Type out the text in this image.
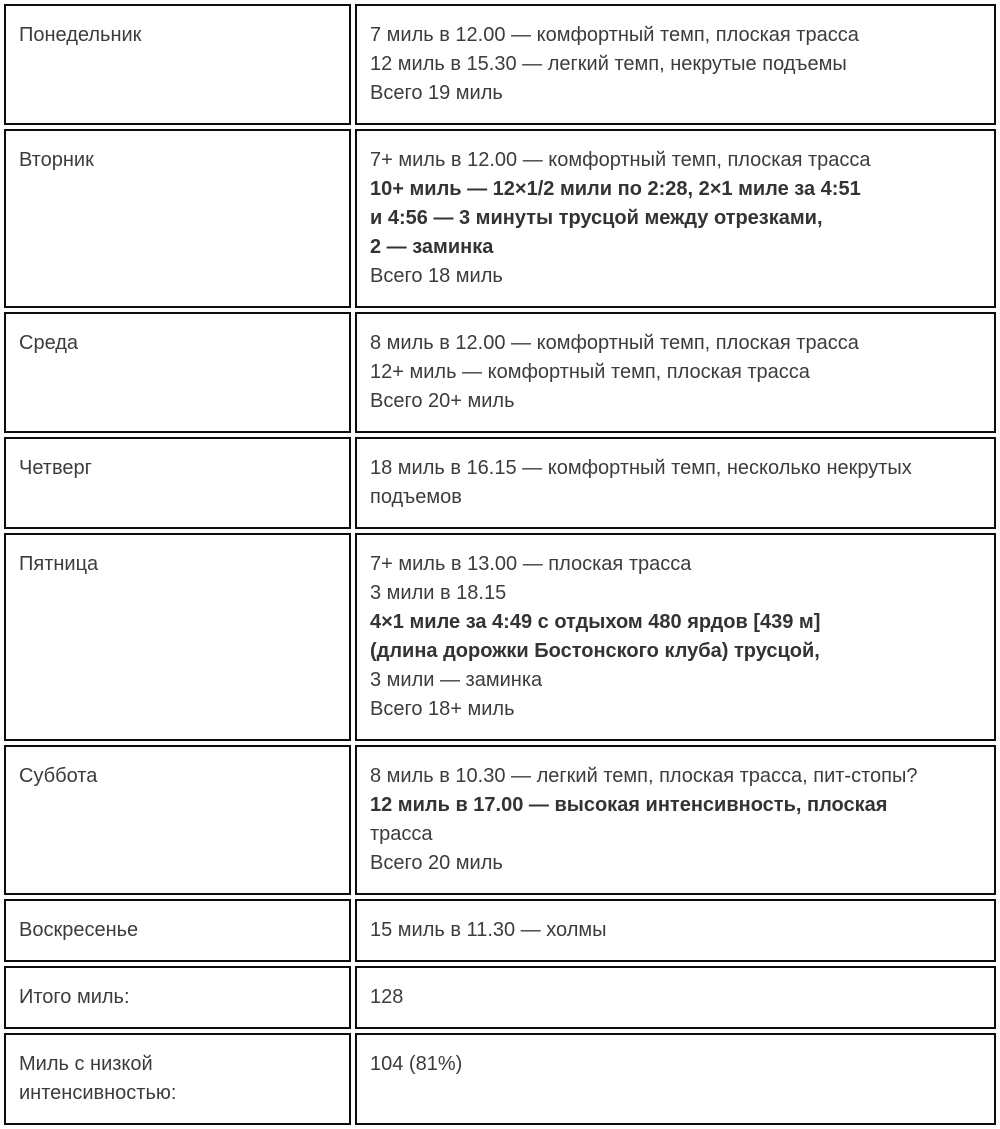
Понедельник	7 миль в 12.00 — комфортный темп, плоская трасса
12 миль в 15.30 — легкий темп, некрутые подъемы
Всего 19 миль

Вторник	7+ миль в 12.00 — комфортный темп, плоская трасса
10+ миль — 12×1/2 мили по 2:28, 2×1 миле за 4:51
и 4:56 — 3 минуты трусцой между отрезками,
2 — заминка
Всего 18 миль

Среда	8 миль в 12.00 — комфортный темп, плоская трасса
12+ миль — комфортный темп, плоская трасса
Всего 20+ миль

Четверг	18 миль в 16.15 — комфортный темп, несколько некрутых
подъемов

Пятница	7+ миль в 13.00 — плоская трасса
3 мили в 18.15
4×1 миле за 4:49 с отдыхом 480 ярдов [439 м]
(длина дорожки Бостонского клуба) трусцой,
3 мили — заминка
Всего 18+ миль

Суббота	8 миль в 10.30 — легкий темп, плоская трасса, пит-стопы?
12 миль в 17.00 — высокая интенсивность, плоская
трасса
Всего 20 миль

Воскресенье	15 миль в 11.30 — холмы

Итого миль:	128

Миль с низкой
интенсивностью:	104 (81%)
